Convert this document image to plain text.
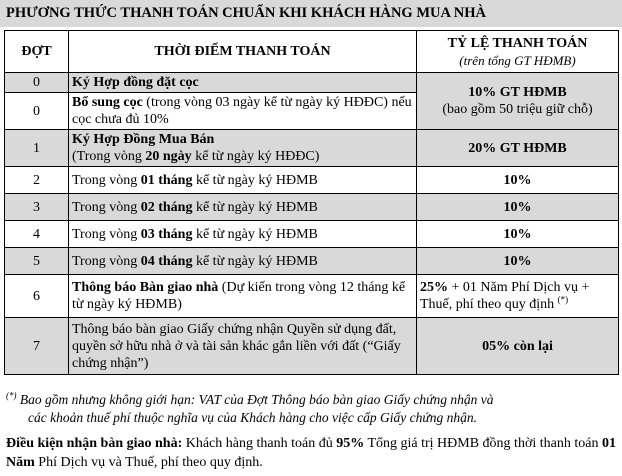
PHƯƠNG THỨC THANH TOÁN CHUẨN KHI KHÁCH HÀNG MUA NHÀ
ĐỢT	THỜI ĐIỂM THANH TOÁN	TỶ LỆ THANH TOÁN
(trên tổng GT HĐMB)

0	Ký Hợp đồng đặt cọc	10% GT HĐMB
(bao gồm 50 triệu giữ chỗ)

0	Bổ sung cọc (trong vòng 03 ngày kể từ ngày ký HĐĐC) nếu cọc chưa đủ 10%	
1	Ký Hợp Đồng Mua Bán
(Trong vòng 20 ngày kể từ ngày ký HĐĐC)	20% GT HĐMB
2	Trong vòng 01 tháng kể từ ngày ký HĐMB	10%
3	Trong vòng 02 tháng kể từ ngày ký HĐMB	10%
4	Trong vòng 03 tháng kể từ ngày ký HĐMB	10%
5	Trong vòng 04 tháng kể từ ngày ký HĐMB	10%
6	Thông báo Bàn giao nhà (Dự kiến trong vòng 12 tháng kể từ ngày ký HĐMB)	25% + 01 Năm Phí Dịch vụ + Thuế, phí theo quy định (*)
7	Thông báo bàn giao Giấy chứng nhận Quyền sử dụng đất, quyền sở hữu nhà ở và tài sản khác gắn liền với đất (“Giấy chứng nhận”)	05% còn lại
(*) Bao gồm nhưng không giới hạn: VAT của Đợt Thông báo bàn giao Giấy chứng nhận và
các khoản thuế phí thuộc nghĩa vụ của Khách hàng cho việc cấp Giấy chứng nhận.
Điều kiện nhận bàn giao nhà: Khách hàng thanh toán đủ 95% Tổng giá trị HĐMB đồng thời thanh toán 01 Năm Phí Dịch vụ và Thuế, phí theo quy định.
